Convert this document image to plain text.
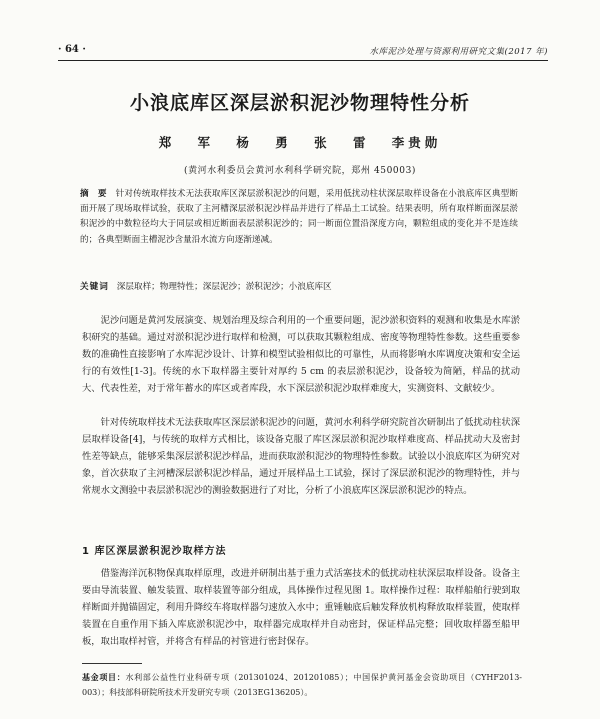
· 64 ·	水库泥沙处理与资源利用研究文集(2017 年)
小浪底库区深层淤积泥沙物理特性分析
郑 军 杨 勇 张 雷 李贵勋
(黄河水利委员会黄河水利科学研究院，郑州 450003)
摘 要 针对传统取样技术无法获取库区深层淤积泥沙的问题，采用低扰动柱状深层取样设备在小浪底库区典型断面开展了现场取样试验，获取了主河槽深层淤积泥沙样品并进行了样品土工试验。结果表明，所有取样断面深层淤积泥沙的中数粒径均大于同层或相近断面表层淤积泥沙的；同一断面位置沿深度方向，颗粒组成的变化并不是连续的；各典型断面主槽泥沙含量沿水流方向逐渐递减。
关键词 深层取样；物理特性；深层泥沙；淤积泥沙；小浪底库区
泥沙问题是黄河发展演变、规划治理及综合利用的一个重要问题，泥沙淤积资料的观测和收集是水库淤积研究的基础。通过对淤积泥沙进行取样和检测，可以获取其颗粒组成、密度等物理特性参数。这些重要参数的准确性直接影响了水库泥沙设计、计算和模型试验相似比的可靠性，从而将影响水库调度决策和安全运行的有效性[1-3]。传统的水下取样器主要针对厚约 5 cm 的表层淤积泥沙，设备较为简陋，样品的扰动大、代表性差，对于常年蓄水的库区或者库段，水下深层淤积泥沙取样难度大，实测资料、文献较少。
针对传统取样技术无法获取库区深层淤积泥沙的问题，黄河水利科学研究院首次研制出了低扰动柱状深层取样设备[4]，与传统的取样方式相比，该设备克服了库区深层淤积泥沙取样难度高、样品扰动大及密封性差等缺点，能够采集深层淤积泥沙样品，进而获取淤积泥沙的物理特性参数。试验以小浪底库区为研究对象，首次获取了主河槽深层淤积泥沙样品，通过开展样品土工试验，探讨了深层淤积泥沙的物理特性，并与常规水文测验中表层淤积泥沙的测验数据进行了对比，分析了小浪底库区深层淤积泥沙的特点。
1 库区深层淤积泥沙取样方法
借鉴海洋沉积物保真取样原理，改进并研制出基于重力式活塞技术的低扰动柱状深层取样设备。设备主要由导流装置、触发装置、取样装置等部分组成，具体操作过程见图 1。取样操作过程：取样船舶行驶到取样断面并抛锚固定，利用升降绞车将取样器匀速放入水中；重锤触底后触发释放机构释放取样装置，使取样装置在自重作用下插入库底淤积泥沙中，取样器完成取样并自动密封，保证样品完整；回收取样器至船甲板，取出取样衬管，并将含有样品的衬管进行密封保存。
基金项目：水利部公益性行业科研专项（201301024、201201085）；中国保护黄河基金会资助项目（CYHF2013-003）；科技部科研院所技术开发研究专项（2013EG136205）。
